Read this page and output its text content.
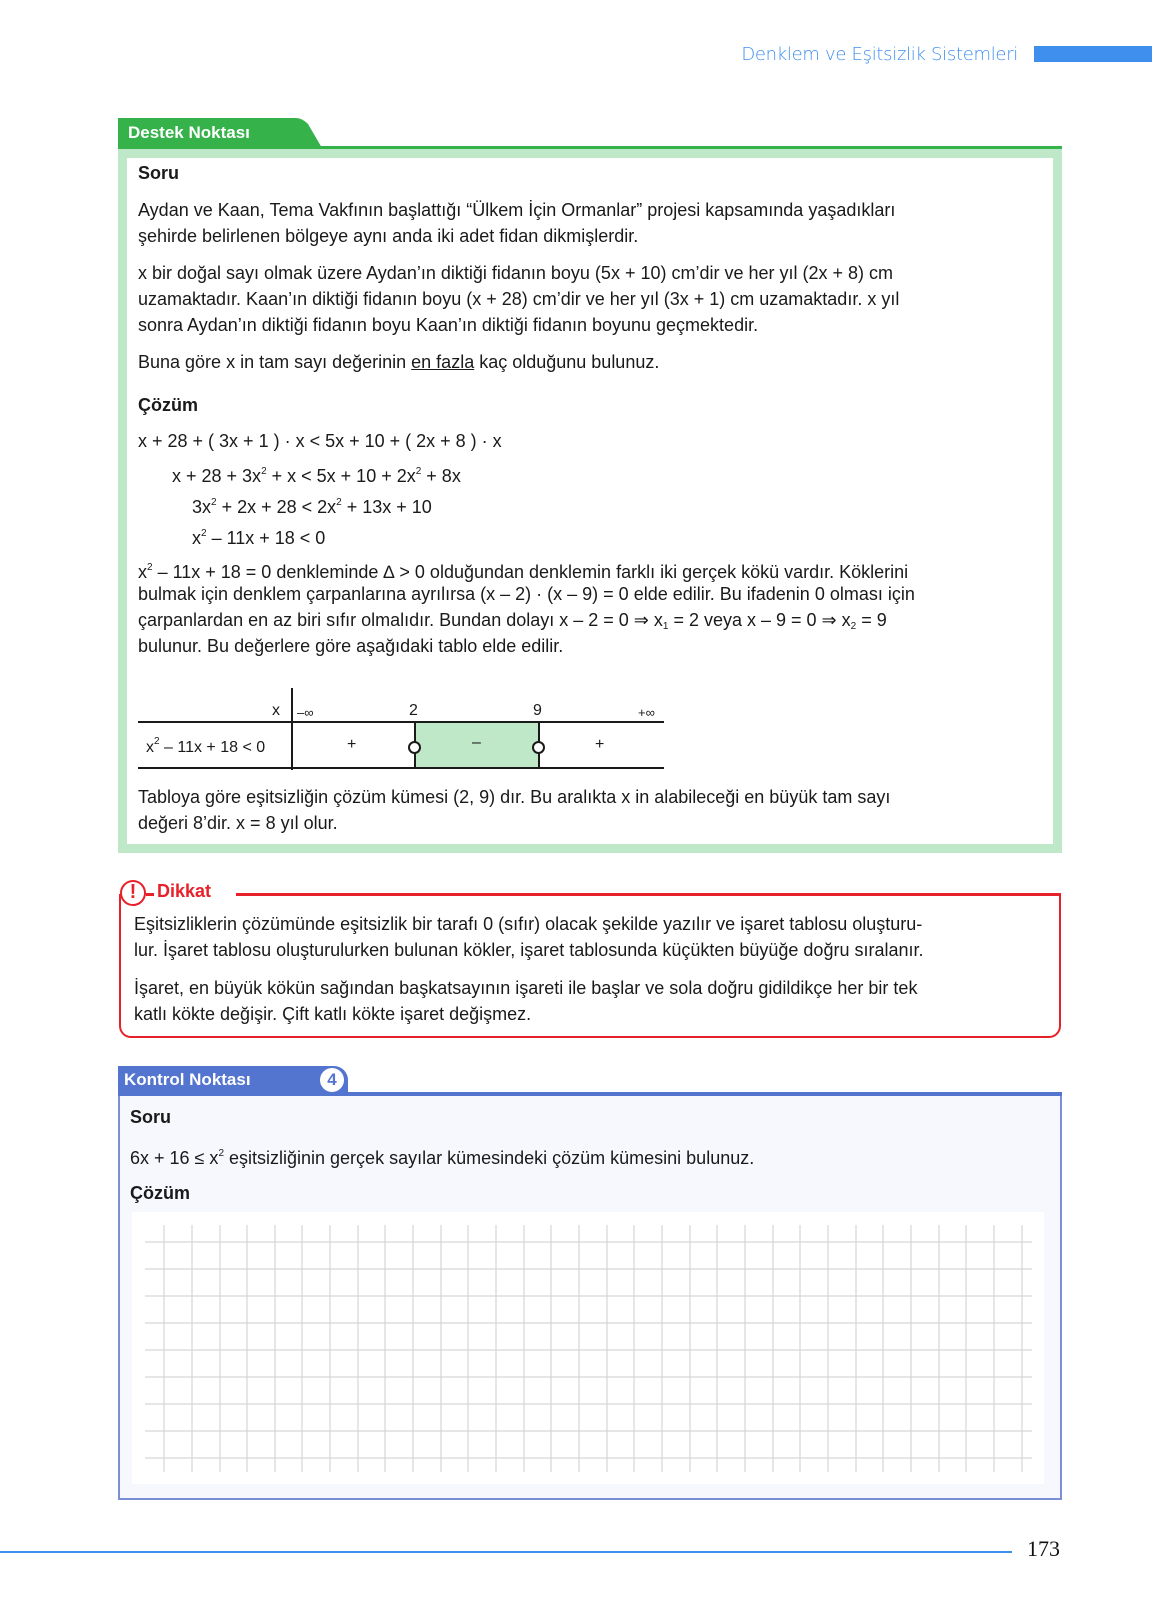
Denklem ve Eşitsizlik Sistemleri
Destek Noktası
Soru
Aydan ve Kaan, Tema Vakfının başlattığı “Ülkem İçin Ormanlar” projesi kapsamında yaşadıkları
şehirde belirlenen bölgeye aynı anda iki adet fidan dikmişlerdir.
x bir doğal sayı olmak üzere Aydan’ın diktiği fidanın boyu (5x + 10) cm’dir ve her yıl (2x + 8) cm
uzamaktadır. Kaan’ın diktiği fidanın boyu (x + 28) cm’dir ve her yıl (3x + 1) cm uzamaktadır. x yıl
sonra Aydan’ın diktiği fidanın boyu Kaan’ın diktiği fidanın boyunu geçmektedir.
Buna göre x in tam sayı değerinin en fazla kaç olduğunu bulunuz.
Çözüm
x + 28 + ( 3x + 1 ) · x < 5x + 10 + ( 2x + 8 ) · x
$x + 28 + 3x^2 + x < 5x + 10 + 2x^2 + 8x$
$3x^2 + 2x + 28 < 2x^2 + 13x + 10$
$x^2 - 11x + 18 < 0$
$x^2 - 11x + 18 = 0$ denkleminde ∆ > 0 olduğundan denklemin farklı iki gerçek kökü vardır. Köklerini
bulmak için denklem çarpanlarına ayrılırsa (x – 2) · (x – 9) = 0 elde edilir. Bu ifadenin 0 olması için
çarpanlardan en az biri sıfır olmalıdır. Bundan dolayı x – 2 = 0 ⇒ $x_1 = 2$ veya x – 9 = 0 ⇒ $x_2 = 9$
bulunur. Bu değerlere göre aşağıdaki tablo elde edilir.
x –∞	2	9	+∞
$x^2 - 11x + 18 < 0$	+	–	+
Tabloya göre eşitsizliğin çözüm kümesi (2, 9) dır. Bu aralıkta x in alabileceği en büyük tam sayı
değeri 8’dir. x = 8 yıl olur.
!	Dikkat
Eşitsizliklerin çözümünde eşitsizlik bir tarafı 0 (sıfır) olacak şekilde yazılır ve işaret tablosu oluşturu-
lur. İşaret tablosu oluşturulurken bulunan kökler, işaret tablosunda küçükten büyüğe doğru sıralanır.
İşaret, en büyük kökün sağından başkatsayının işareti ile başlar ve sola doğru gidildikçe her bir tek
katlı kökte değişir. Çift katlı kökte işaret değişmez.
Kontrol Noktası	4
Soru
$6x + 16 \le x^2$ eşitsizliğinin gerçek sayılar kümesindeki çözüm kümesini bulunuz.
Çözüm
173
